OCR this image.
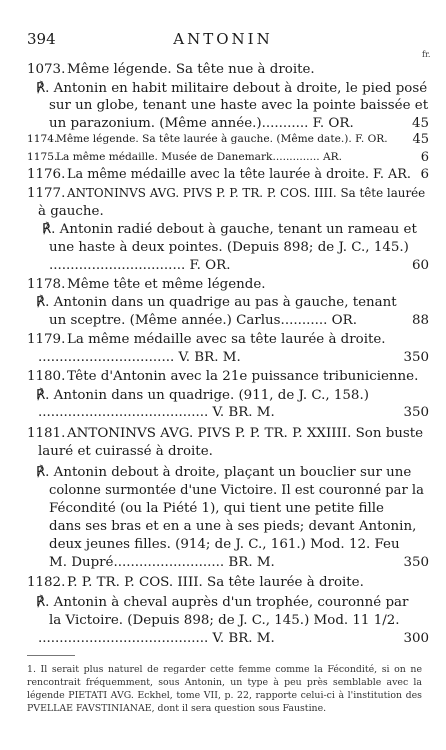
394	ANTONIN
fr.
1073. Même légende. Sa tête nue à droite.
℟. Antonin en habit militaire debout à droite, le pied posé
sur un globe, tenant une haste avec la pointe baissée et
un parazonium. (Même année.)........... F. OR.	45
1174.
Même légende. Sa tête laurée à gauche. (Même date.). F. OR. 45
1175.
La même médaille. Musée de Danemark.............. AR.	6
1176. La même médaille avec la tête laurée à droite. F. AR. 6
1177. ANTONINVS AVG. PIVS P. P. TR. P. COS. IIII. Sa tête laurée
à gauche.
℟. Antonin radié debout à gauche, tenant un rameau et
une haste à deux pointes. (Depuis 898; de J. C., 145.)
................................ F. OR.	60
1178. Même tête et même légende.
℟. Antonin dans un quadrige au pas à gauche, tenant
un sceptre. (Même année.) Carlus........... OR.	88
1179. La même médaille avec sa tête laurée à droite.
................................ V. BR. M.	350
1180. Tête d'Antonin avec la 21e puissance tribunicienne.
℟. Antonin dans un quadrige. (911, de J. C., 158.)
........................................ V. BR. M.	350
1181. ANTONINVS AVG. PIVS P. P. TR. P. XXIIII. Son buste
lauré et cuirassé à droite.
℟. Antonin debout à droite, plaçant un bouclier sur une
colonne surmontée d'une Victoire. Il est couronné par la
Fécondité (ou la Piété 1), qui tient une petite fille
dans ses bras et en a une à ses pieds; devant Antonin,
deux jeunes filles. (914; de J. C., 161.) Mod. 12. Feu
M. Dupré.......................... BR. M.	350
1182. P. P. TR. P. COS. IIII. Sa tête laurée à droite.
℟. Antonin à cheval auprès d'un trophée, couronné par
la Victoire. (Depuis 898; de J. C., 145.) Mod. 11 1/2.
........................................ V. BR. M.	300
1. Il serait plus naturel de regarder cette femme comme la Fécondité, si on ne rencontrait fréquemment, sous Antonin, un type à peu près semblable avec la légende PIETATI AVG. Eckhel, tome VII, p. 22, rapporte celui-ci à l'institution des PVELLAE FAVSTINIANAE, dont il sera question sous Faustine.
